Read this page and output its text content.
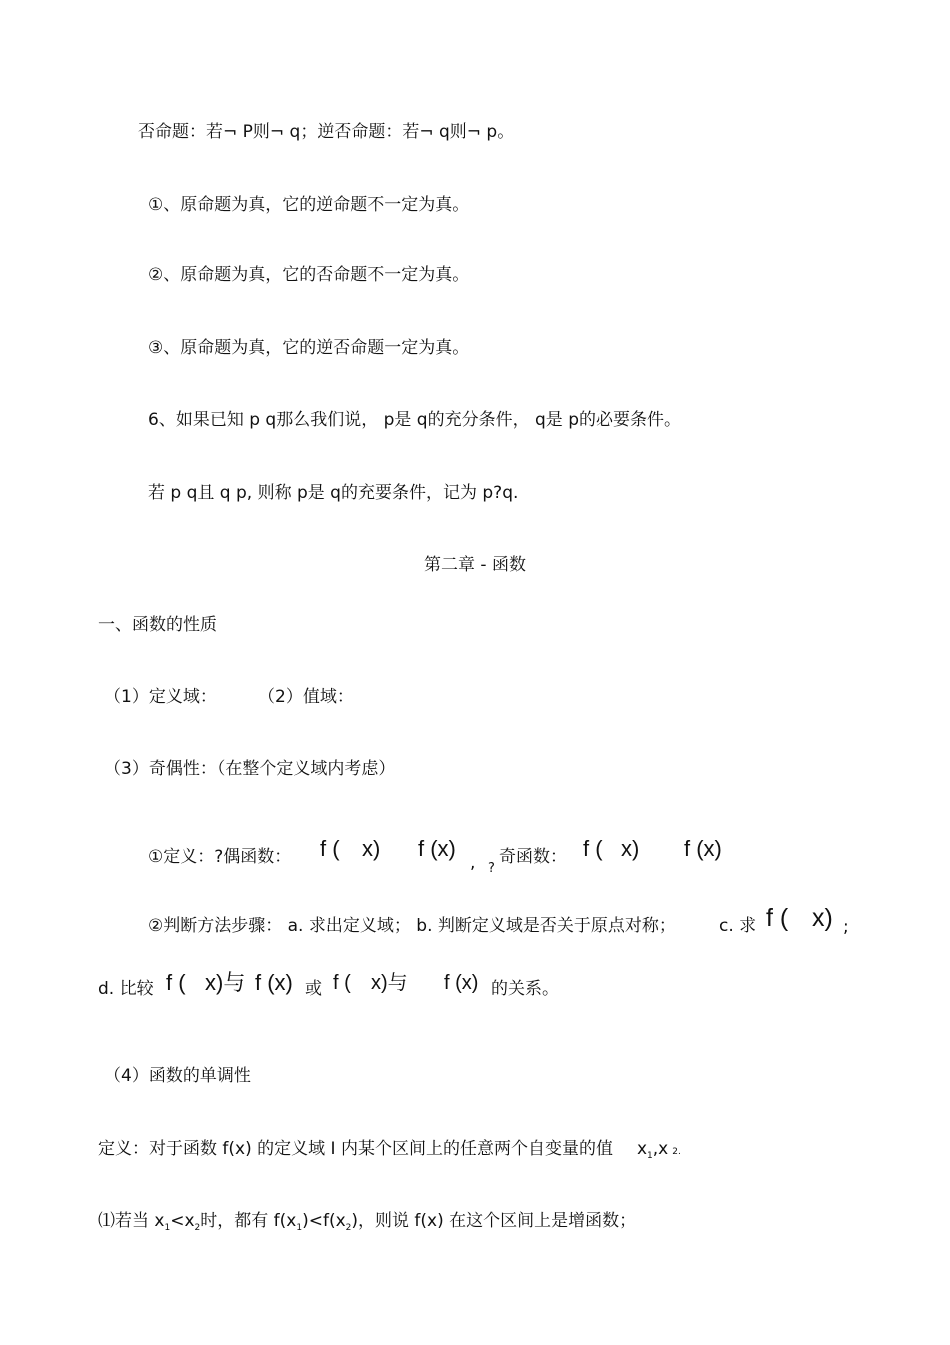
否命题：若¬ P则¬ q；逆否命题：若¬ q则¬ p。
①、原命题为真，它的逆命题不一定为真。
②、原命题为真，它的否命题不一定为真。
③、原命题为真，它的逆否命题一定为真。
6、如果已知 p q那么我们说， p是 q的充分条件， q是 p的必要条件。
若 p q且 q p, 则称 p是 q的充要条件，记为 p?q.
第二章 - 函数
一、函数的性质
（1）定义域： （2）值域：
（3）奇偶性：（在整个定义域内考虑）
①定义：?偶函数： f ( x) f (x)
, ?
奇函数： f ( x) f (x)
②判断方法步骤： a. 求出定义域； b. 判断定义域是否关于原点对称；	c. 求 f ( x) ;
d. 比较 f ( x)与 f (x) 或 f ( x)与 f (x) 的关系。
（4）函数的单调性
定义：对于函数 f(x) 的定义域 I 内某个区间上的任意两个自变量的值 $x_1,x$ 2.
⑴若当 $x_1<x_2$时，都有 $f(x_1)<f(x_2)$，则说 f(x) 在这个区间上是增函数；
